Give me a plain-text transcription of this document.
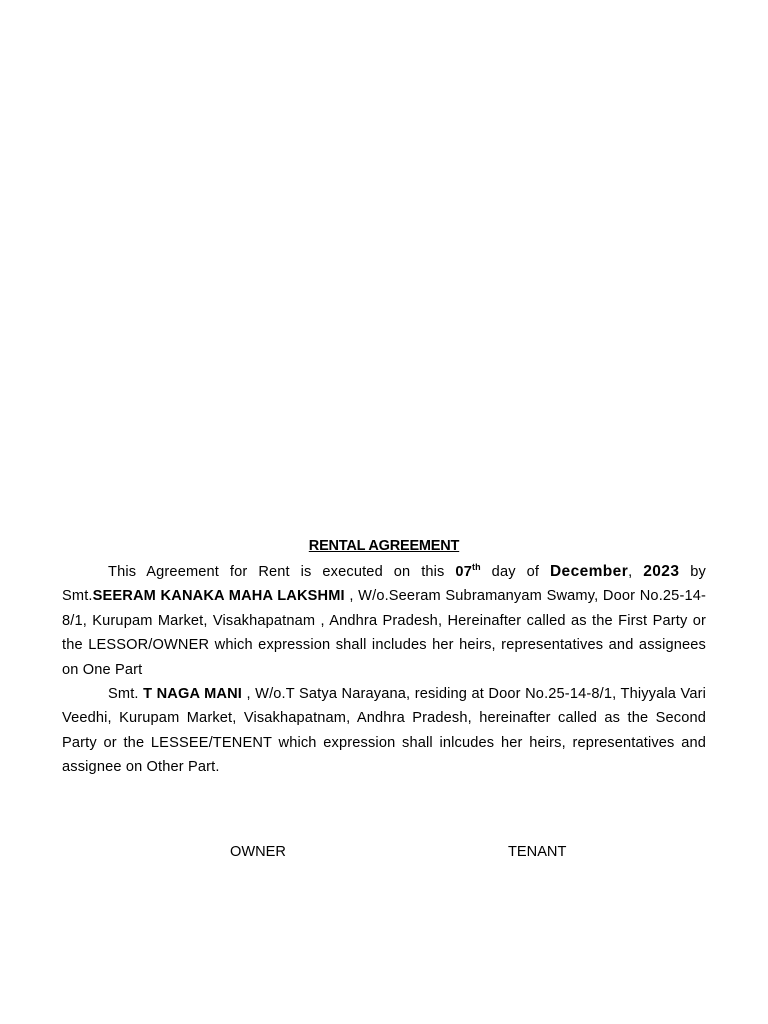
RENTAL AGREEMENT

This Agreement for Rent is executed on this 07th day of December, 2023 by Smt.SEERAM KANAKA MAHA LAKSHMI , W/o.Seeram Subramanyam Swamy, Door No.25-14-8/1, Kurupam Market, Visakhapatnam , Andhra Pradesh, Hereinafter called as the First Party or the LESSOR/OWNER which expression shall includes her heirs, representatives and assignees on One Part

Smt. T NAGA MANI , W/o.T Satya Narayana, residing at Door No.25-14-8/1, Thiyyala Vari Veedhi, Kurupam Market, Visakhapatnam, Andhra Pradesh, hereinafter called as the Second Party or the LESSEE/TENENT which expression shall inlcudes her heirs, representatives and assignee on Other Part.

OWNER	TENANT
